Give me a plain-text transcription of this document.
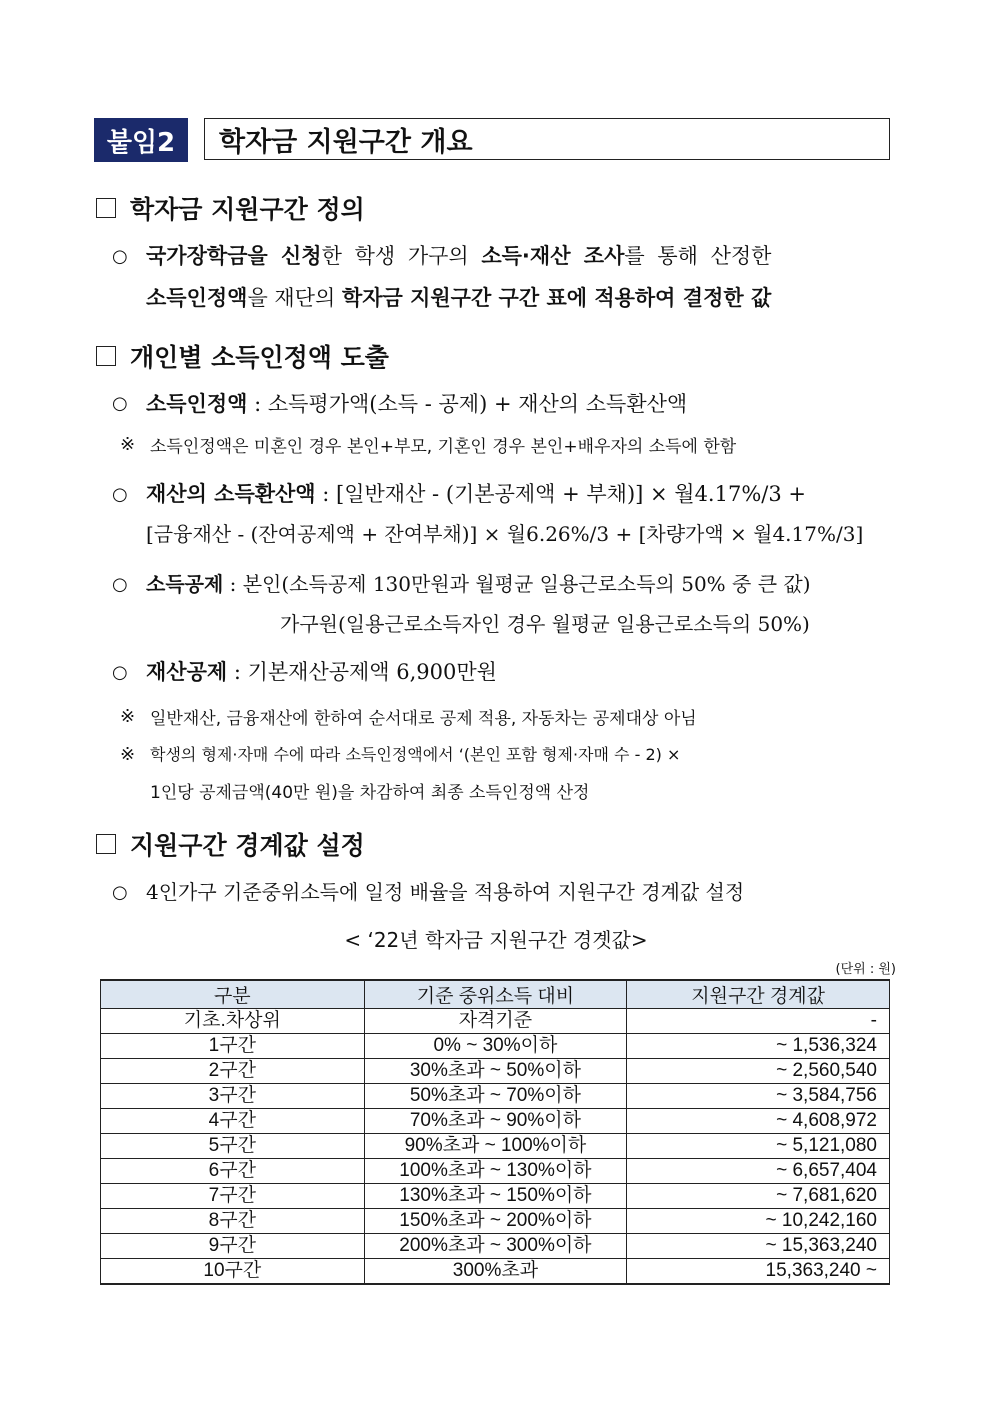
붙임2	학자금 지원구간 개요
학자금 지원구간 정의
○ 국가장학금을 신청한 학생 가구의 소득·재산 조사를 통해 산정한
소득인정액을 재단의 학자금 지원구간 구간 표에 적용하여 결정한 값
개인별 소득인정액 도출
○ 소득인정액 : 소득평가액(소득 - 공제) + 재산의 소득환산액
※ 소득인정액은 미혼인 경우 본인+부모, 기혼인 경우 본인+배우자의 소득에 한함
○ 재산의 소득환산액 : [일반재산 - (기본공제액 + 부채)] × 월4.17%/3 +
[금융재산 - (잔여공제액 + 잔여부채)] × 월6.26%/3 + [차량가액 × 월4.17%/3]
○ 소득공제 : 본인(소득공제 130만원과 월평균 일용근로소득의 50% 중 큰 값)
가구원(일용근로소득자인 경우 월평균 일용근로소득의 50%)
○ 재산공제 : 기본재산공제액 6,900만원
※ 일반재산, 금융재산에 한하여 순서대로 공제 적용, 자동차는 공제대상 아님
※ 학생의 형제·자매 수에 따라 소득인정액에서 ‘(본인 포함 형제·자매 수 - 2) ×
1인당 공제금액(40만 원)을 차감하여 최종 소득인정액 산정
지원구간 경계값 설정
○ 4인가구 기준중위소득에 일정 배율을 적용하여 지원구간 경계값 설정
< ‘22년 학자금 지원구간 경곗값>
(단위 : 원)
구분	기준 중위소득 대비	지원구간 경계값
기초.차상위	자격기준	-
1구간	0% ~ 30%이하	~ 1,536,324
2구간	30%초과 ~ 50%이하	~ 2,560,540
3구간	50%초과 ~ 70%이하	~ 3,584,756
4구간	70%초과 ~ 90%이하	~ 4,608,972
5구간	90%초과 ~ 100%이하	~ 5,121,080
6구간	100%초과 ~ 130%이하	~ 6,657,404
7구간	130%초과 ~ 150%이하	~ 7,681,620
8구간	150%초과 ~ 200%이하	~ 10,242,160
9구간	200%초과 ~ 300%이하	~ 15,363,240
10구간	300%초과	15,363,240 ~
